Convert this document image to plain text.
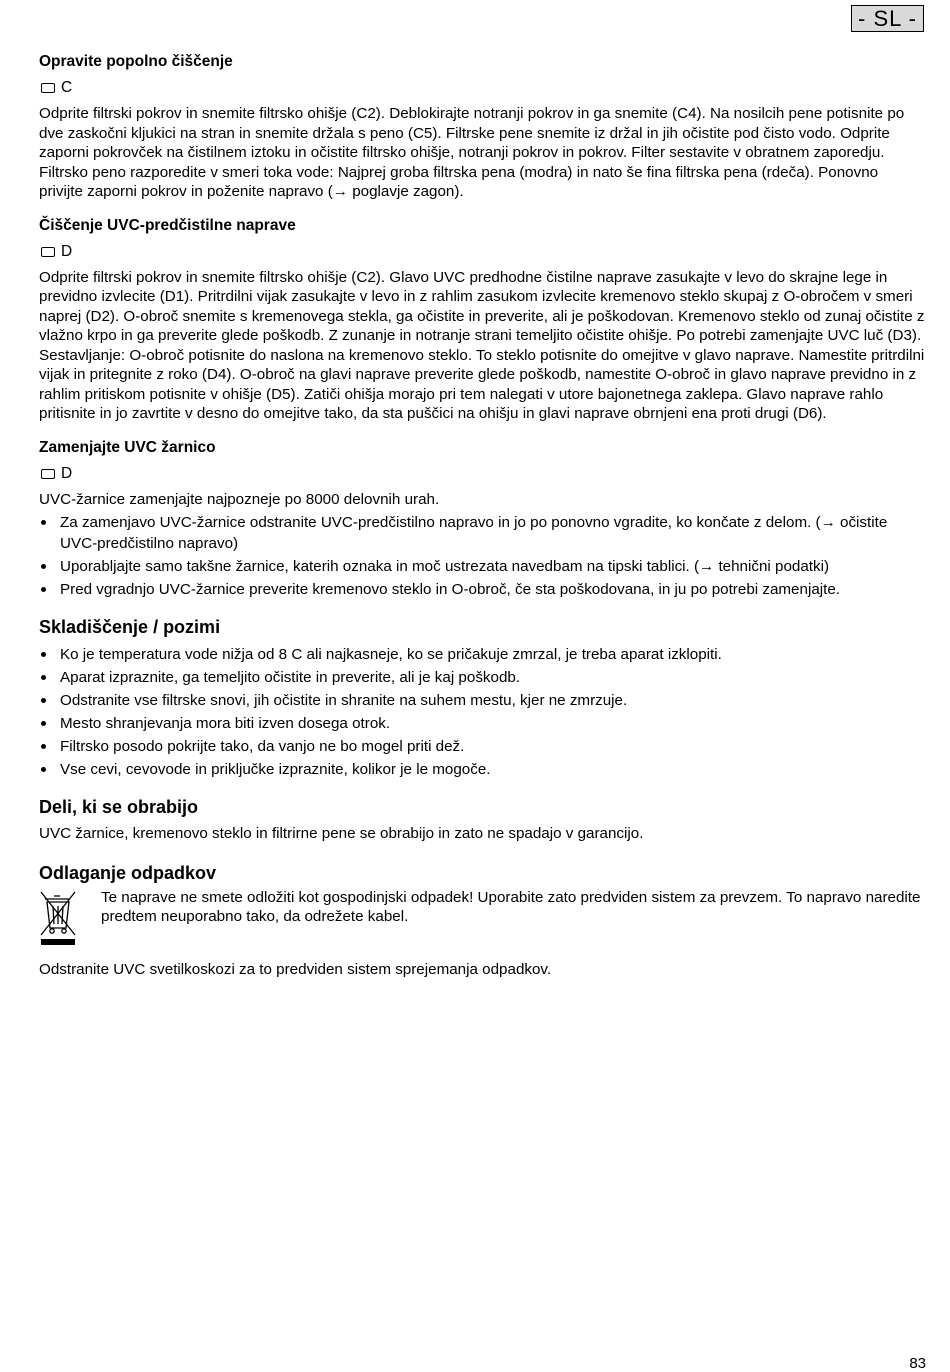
- SL -
Opravite popolno čiščenje
C

Odprite filtrski pokrov in snemite filtrsko ohišje (C2). Deblokirajte notranji pokrov in ga snemite (C4). Na nosilcih pene potisnite po dve zaskočni kljukici na stran in snemite držala s peno (C5). Filtrske pene snemite iz držal in jih očistite pod čisto vodo. Odprite zaporni pokrovček na čistilnem iztoku in očistite filtrsko ohišje, notranji pokrov in pokrov. Filter sestavite v obratnem zaporedju. Filtrsko peno razporedite v smeri toka vode: Najprej groba filtrska pena (modra) in nato še fina filtrska pena (rdeča). Ponovno privijte zaporni pokrov in poženite napravo (→ poglavje zagon).

Čiščenje UVC-predčistilne naprave
D

Odprite filtrski pokrov in snemite filtrsko ohišje (C2). Glavo UVC predhodne čistilne naprave zasukajte v levo do skrajne lege in previdno izvlecite (D1). Pritrdilni vijak zasukajte v levo in z rahlim zasukom izvlecite kremenovo steklo skupaj z O-obročem v smeri naprej (D2). O-obroč snemite s kremenovega stekla, ga očistite in preverite, ali je poškodovan. Kremenovo steklo od zunaj očistite z vlažno krpo in ga preverite glede poškodb. Z zunanje in notranje strani temeljito očistite ohišje. Po potrebi zamenjajte UVC luč (D3).

Sestavljanje: O-obroč potisnite do naslona na kremenovo steklo. To steklo potisnite do omejitve v glavo naprave. Namestite pritrdilni vijak in pritegnite z roko (D4). O-obroč na glavi naprave preverite glede poškodb, namestite O-obroč in glavo naprave previdno in z rahlim pritiskom potisnite v ohišje (D5). Zatiči ohišja morajo pri tem nalegati v utore bajonetnega zaklepa. Glavo naprave rahlo pritisnite in jo zavrtite v desno do omejitve tako, da sta puščici na ohišju in glavi naprave obrnjeni ena proti drugi (D6).

Zamenjajte UVC žarnico
D

UVC-žarnice zamenjajte najpozneje po 8000 delovnih urah.

Za zamenjavo UVC-žarnice odstranite UVC-predčistilno napravo in jo po ponovno vgradite, ko končate z delom. (→ očistite UVC-predčistilno napravo)
Uporabljajte samo takšne žarnice, katerih oznaka in moč ustrezata navedbam na tipski tablici. (→ tehnični podatki)
Pred vgradnjo UVC-žarnice preverite kremenovo steklo in O-obroč, če sta poškodovana, in ju po potrebi zamenjajte.
Skladiščenje / pozimi
Ko je temperatura vode nižja od 8 C ali najkasneje, ko se pričakuje zmrzal, je treba aparat izklopiti.
Aparat izpraznite, ga temeljito očistite in preverite, ali je kaj poškodb.
Odstranite vse filtrske snovi, jih očistite in shranite na suhem mestu, kjer ne zmrzuje.
Mesto shranjevanja mora biti izven dosega otrok.
Filtrsko posodo pokrijte tako, da vanjo ne bo mogel priti dež.
Vse cevi, cevovode in priključke izpraznite, kolikor je le mogoče.
Deli, ki se obrabijo

UVC žarnice, kremenovo steklo in filtrirne pene se obrabijo in zato ne spadajo v garancijo.

Odlaganje odpadkov

Te naprave ne smete odložiti kot gospodinjski odpadek! Uporabite zato predviden sistem za prevzem. To napravo naredite predtem neuporabno tako, da odrežete kabel.

Odstranite UVC svetilkoskozi za to predviden sistem sprejemanja odpadkov.

83
